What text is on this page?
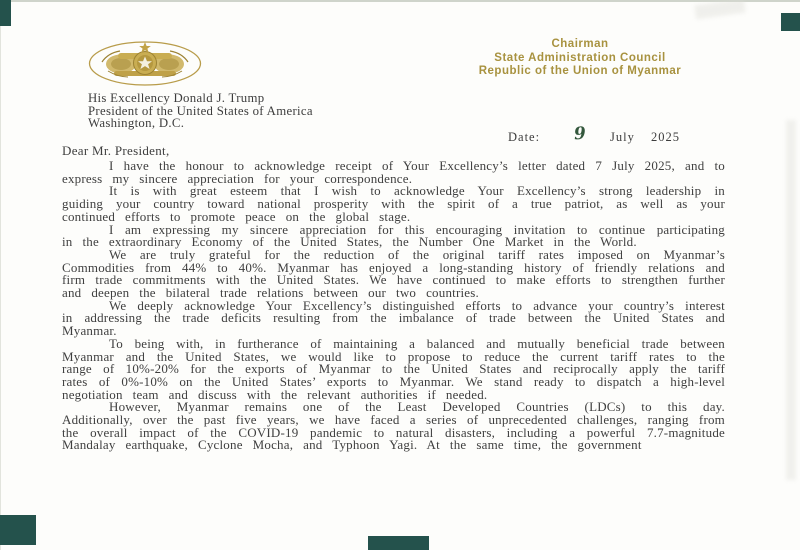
Chairman
State Administration Council
Republic of the Union of Myanmar
His Excellency Donald J. Trump
President of the United States of America
Washington, D.C.
Date: 9 July 2025
Dear Mr. President,

I have the honour to acknowledge receipt of Your Excellency’s letter dated 7 July 2025, and to express my sincere appreciation for your correspondence.

It is with great esteem that I wish to acknowledge Your Excellency’s strong leadership in guiding your country toward national prosperity with the spirit of a true patriot, as well as your continued efforts to promote peace on the global stage.

I am expressing my sincere appreciation for this encouraging invitation to continue participating in the extraordinary Economy of the United States, the Number One Market in the World.

We are truly grateful for the reduction of the original tariff rates imposed on Myanmar’s Commodities from 44% to 40%. Myanmar has enjoyed a long-standing history of friendly relations and firm trade commitments with the United States. We have continued to make efforts to strengthen further and deepen the bilateral trade relations between our two countries.

We deeply acknowledge Your Excellency’s distinguished efforts to advance your country’s interest in addressing the trade deficits resulting from the imbalance of trade between the United States and Myanmar.

To being with, in furtherance of maintaining a balanced and mutually beneficial trade between Myanmar and the United States, we would like to propose to reduce the current tariff rates to the range of 10%-20% for the exports of Myanmar to the United States and reciprocally apply the tariff rates of 0%-10% on the United States’ exports to Myanmar. We stand ready to dispatch a high-level negotiation team and discuss with the relevant authorities if needed.

However, Myanmar remains one of the Least Developed Countries (LDCs) to this day. Additionally, over the past five years, we have faced a series of unprecedented challenges, ranging from the overall impact of the COVID-19 pandemic to natural disasters, including a powerful 7.7-magnitude Mandalay earthquake, Cyclone Mocha, and Typhoon Yagi. At the same time, the government
